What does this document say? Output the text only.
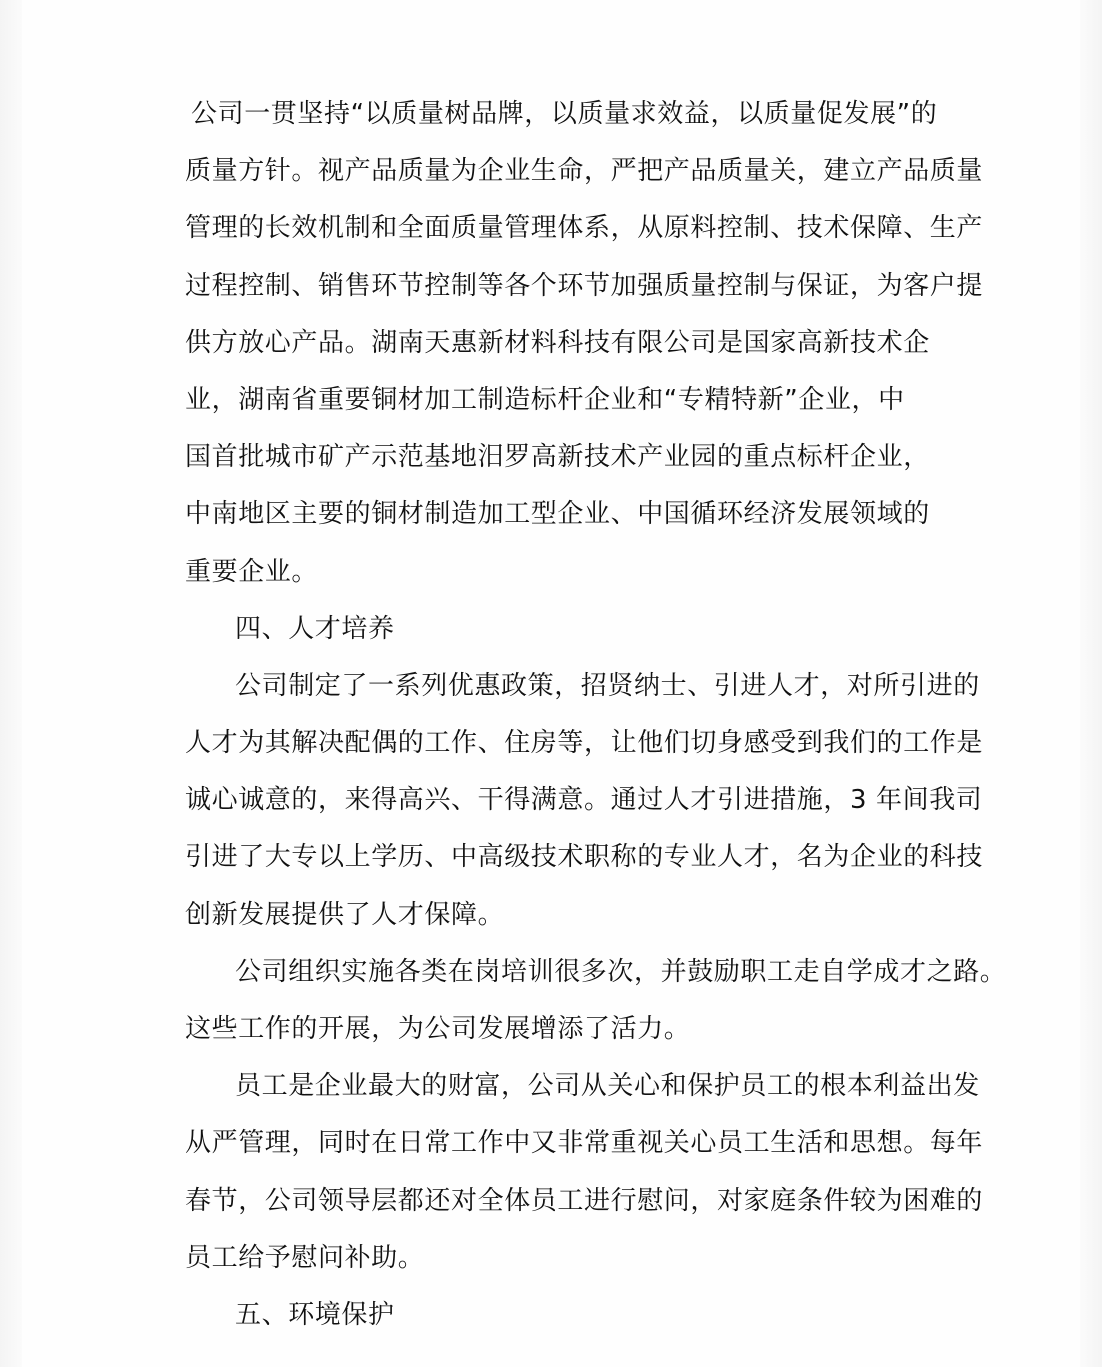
公司一贯坚持“以质量树品牌，以质量求效益，以质量促发展”的
质量方针。视产品质量为企业生命，严把产品质量关，建立产品质量
管理的长效机制和全面质量管理体系，从原料控制、技术保障、生产
过程控制、销售环节控制等各个环节加强质量控制与保证，为客户提
供方放心产品。湖南天惠新材料科技有限公司是国家高新技术企
业，湖南省重要铜材加工制造标杆企业和“专精特新”企业，中
国首批城市矿产示范基地汨罗高新技术产业园的重点标杆企业，
中南地区主要的铜材制造加工型企业、中国循环经济发展领域的
重要企业。
四、人才培养
公司制定了一系列优惠政策，招贤纳士、引进人才，对所引进的
人才为其解决配偶的工作、住房等，让他们切身感受到我们的工作是
诚心诚意的，来得高兴、干得满意。通过人才引进措施，3 年间我司
引进了大专以上学历、中高级技术职称的专业人才，名为企业的科技
创新发展提供了人才保障。
公司组织实施各类在岗培训很多次，并鼓励职工走自学成才之路。
这些工作的开展，为公司发展增添了活力。
员工是企业最大的财富，公司从关心和保护员工的根本利益出发
从严管理，同时在日常工作中又非常重视关心员工生活和思想。每年
春节，公司领导层都还对全体员工进行慰问，对家庭条件较为困难的
员工给予慰问补助。
五、环境保护
